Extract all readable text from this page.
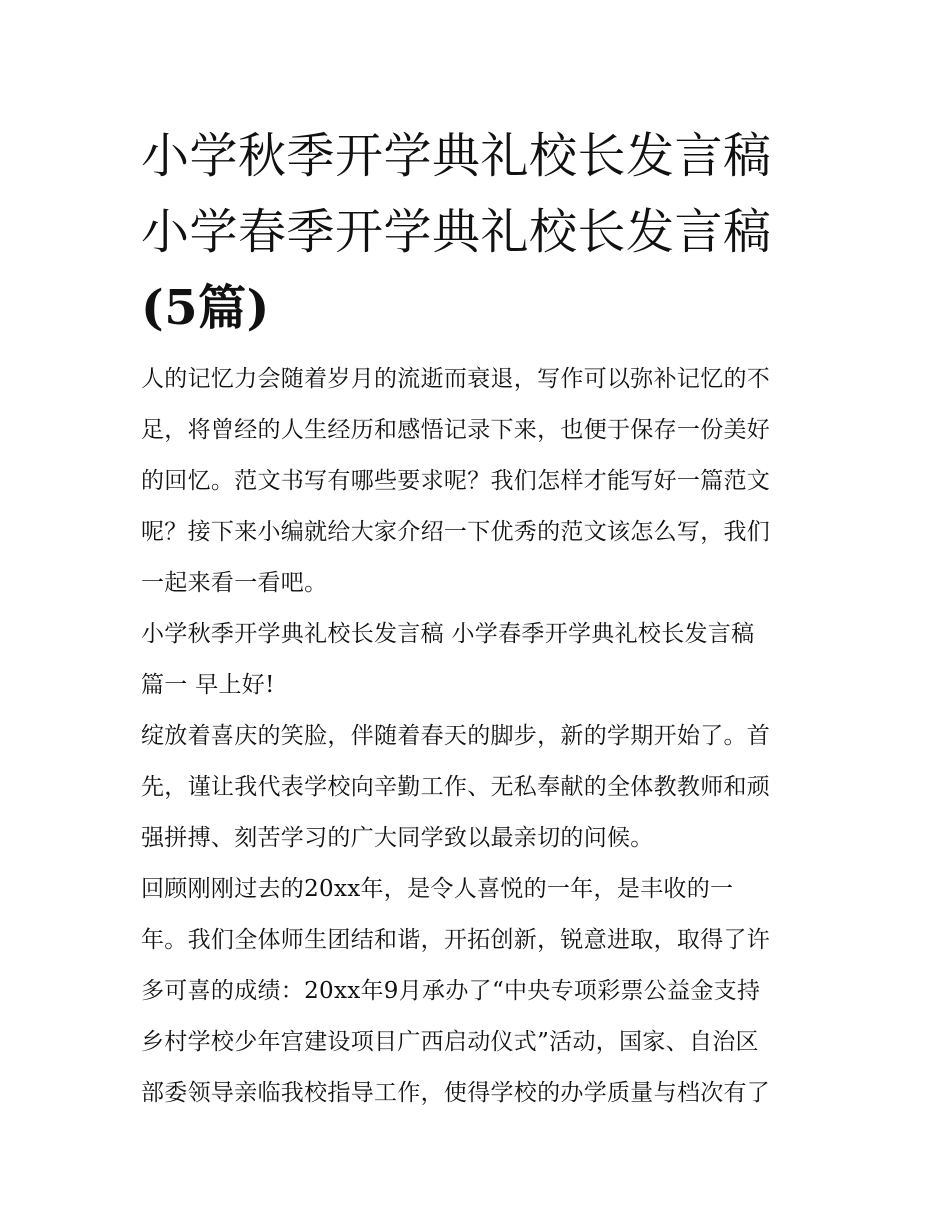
小学秋季开学典礼校长发言稿
小学春季开学典礼校长发言稿
(5篇)

人的记忆力会随着岁月的流逝而衰退，写作可以弥补记忆的不

足，将曾经的人生经历和感悟记录下来，也便于保存一份美好

的回忆。范文书写有哪些要求呢？我们怎样才能写好一篇范文

呢？接下来小编就给大家介绍一下优秀的范文该怎么写，我们

一起来看一看吧。

小学秋季开学典礼校长发言稿 小学春季开学典礼校长发言稿

篇一 早上好!

绽放着喜庆的笑脸，伴随着春天的脚步，新的学期开始了。首

先，谨让我代表学校向辛勤工作、无私奉献的全体教教师和顽

强拼搏、刻苦学习的广大同学致以最亲切的问候。

回顾刚刚过去的20xx年，是令人喜悦的一年，是丰收的一

年。我们全体师生团结和谐，开拓创新，锐意进取，取得了许

多可喜的成绩：20xx年9月承办了“中央专项彩票公益金支持

乡村学校少年宫建设项目广西启动仪式”活动，国家、自治区

部委领导亲临我校指导工作，使得学校的办学质量与档次有了
